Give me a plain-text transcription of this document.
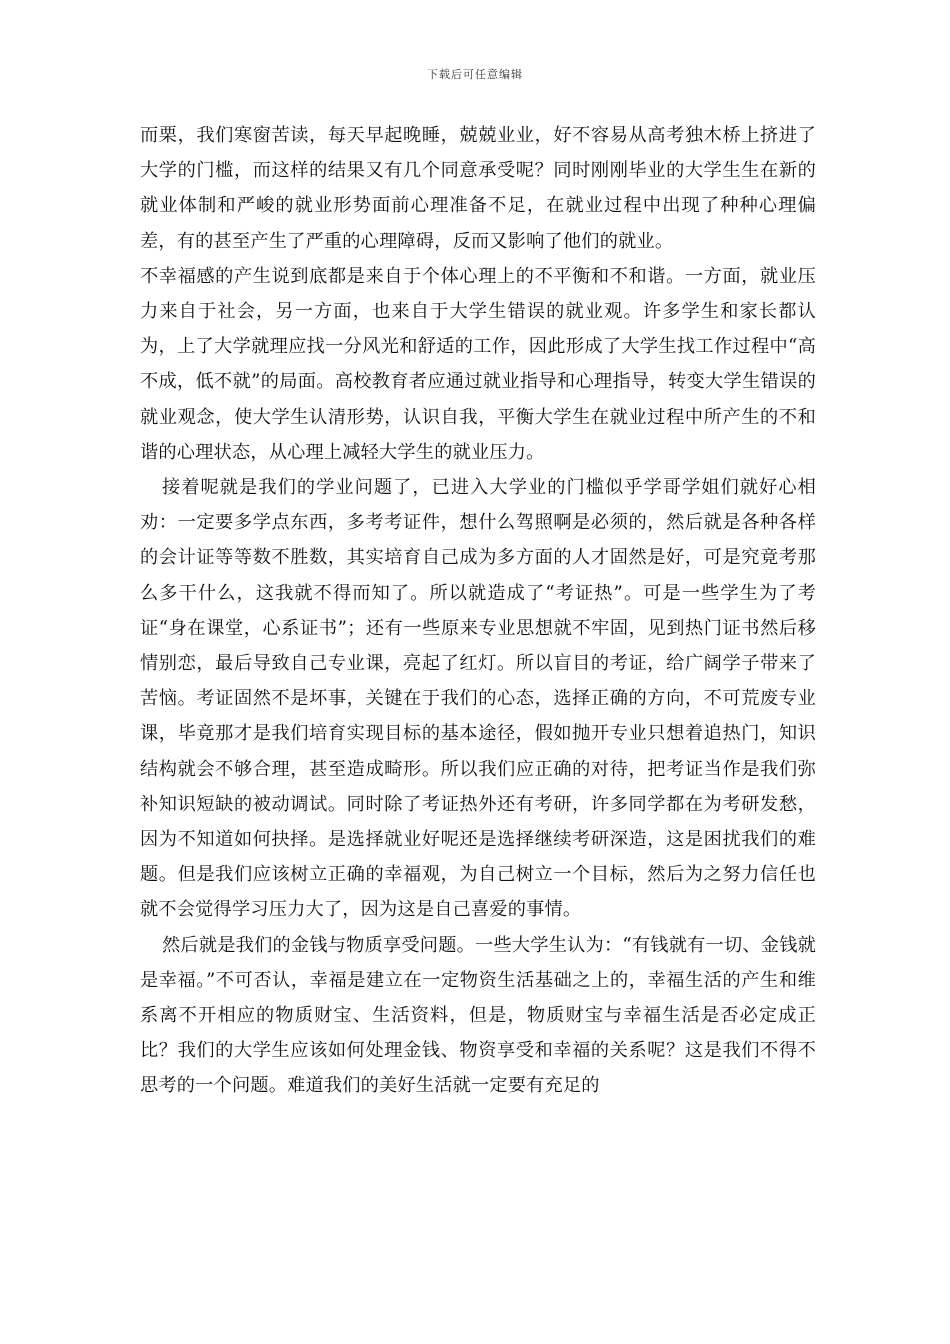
下载后可任意编辑

而栗，我们寒窗苦读，每天早起晚睡，兢兢业业，好不容易从高考独木桥上挤进了大学的门槛，而这样的结果又有几个同意承受呢？同时刚刚毕业的大学生生在新的就业体制和严峻的就业形势面前心理准备不足，在就业过程中出现了种种心理偏差，有的甚至产生了严重的心理障碍，反而又影响了他们的就业。

不幸福感的产生说到底都是来自于个体心理上的不平衡和不和谐。一方面，就业压力来自于社会，另一方面，也来自于大学生错误的就业观。许多学生和家长都认为，上了大学就理应找一分风光和舒适的工作，因此形成了大学生找工作过程中“高不成，低不就”的局面。高校教育者应通过就业指导和心理指导，转变大学生错误的就业观念，使大学生认清形势，认识自我，平衡大学生在就业过程中所产生的不和谐的心理状态，从心理上减轻大学生的就业压力。

接着呢就是我们的学业问题了，已进入大学业的门槛似乎学哥学姐们就好心相劝：一定要多学点东西，多考考证件，想什么驾照啊是必须的，然后就是各种各样的会计证等等数不胜数，其实培育自己成为多方面的人才固然是好，可是究竟考那么多干什么，这我就不得而知了。所以就造成了“考证热”。可是一些学生为了考证“身在课堂，心系证书”；还有一些原来专业思想就不牢固，见到热门证书然后移情别恋，最后导致自己专业课，亮起了红灯。所以盲目的考证，给广阔学子带来了苦恼。考证固然不是坏事，关键在于我们的心态，选择正确的方向，不可荒废专业课，毕竟那才是我们培育实现目标的基本途径，假如抛开专业只想着追热门，知识结构就会不够合理，甚至造成畸形。所以我们应正确的对待，把考证当作是我们弥补知识短缺的被动调试。同时除了考证热外还有考研，许多同学都在为考研发愁，因为不知道如何抉择。是选择就业好呢还是选择继续考研深造，这是困扰我们的难题。但是我们应该树立正确的幸福观，为自己树立一个目标，然后为之努力信任也就不会觉得学习压力大了，因为这是自己喜爱的事情。

然后就是我们的金钱与物质享受问题。一些大学生认为：“有钱就有一切、金钱就是幸福。”不可否认，幸福是建立在一定物资生活基础之上的，幸福生活的产生和维系离不开相应的物质财宝、生活资料，但是，物质财宝与幸福生活是否必定成正比？我们的大学生应该如何处理金钱、物资享受和幸福的关系呢？这是我们不得不思考的一个问题。难道我们的美好生活就一定要有充足的
